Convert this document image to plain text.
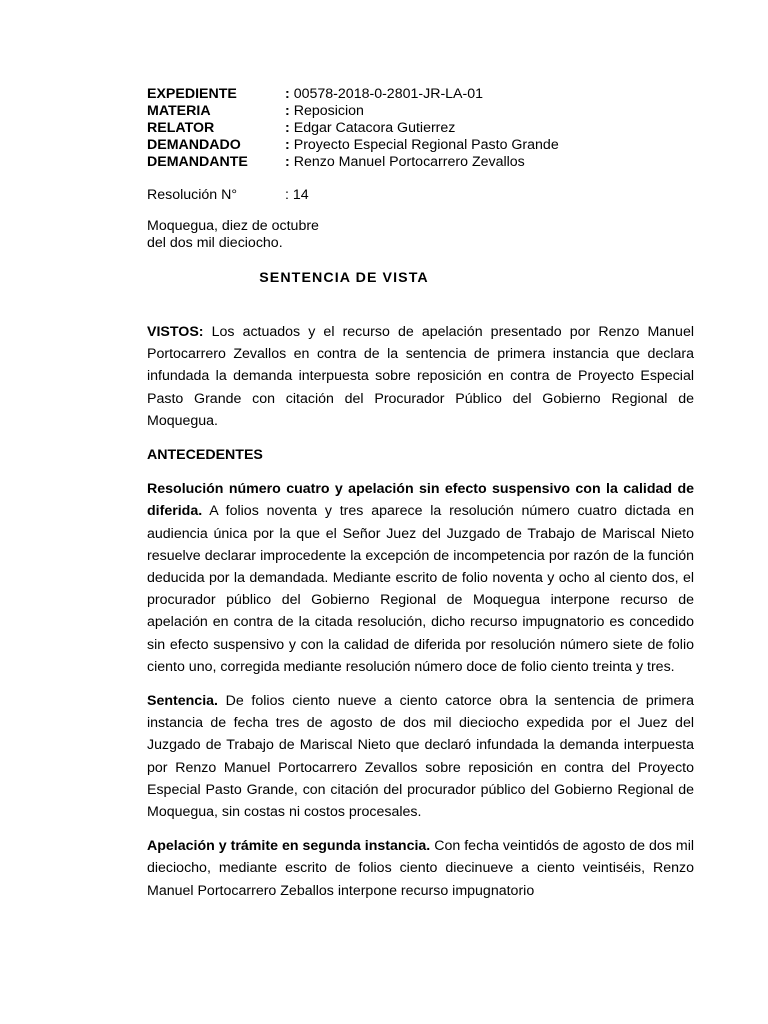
EXPEDIENTE	: 00578-2018-0-2801-JR-LA-01
MATERIA	: Reposicion
RELATOR	: Edgar Catacora Gutierrez
DEMANDADO	: Proyecto Especial Regional Pasto Grande
DEMANDANTE	: Renzo Manuel Portocarrero Zevallos
Resolución N°	: 14
Moquegua, diez de octubre
del dos mil dieciocho.
SENTENCIA DE VISTA

VISTOS: Los actuados y el recurso de apelación presentado por Renzo Manuel Portocarrero Zevallos en contra de la sentencia de primera instancia que declara infundada la demanda interpuesta sobre reposición en contra de Proyecto Especial Pasto Grande con citación del Procurador Público del Gobierno Regional de Moquegua.

ANTECEDENTES

Resolución número cuatro y apelación sin efecto suspensivo con la calidad de diferida. A folios noventa y tres aparece la resolución número cuatro dictada en audiencia única por la que el Señor Juez del Juzgado de Trabajo de Mariscal Nieto resuelve declarar improcedente la excepción de incompetencia por razón de la función deducida por la demandada. Mediante escrito de folio noventa y ocho al ciento dos, el procurador público del Gobierno Regional de Moquegua interpone recurso de apelación en contra de la citada resolución, dicho recurso impugnatorio es concedido sin efecto suspensivo y con la calidad de diferida por resolución número siete de folio ciento uno, corregida mediante resolución número doce de folio ciento treinta y tres.

Sentencia. De folios ciento nueve a ciento catorce obra la sentencia de primera instancia de fecha tres de agosto de dos mil dieciocho expedida por el Juez del Juzgado de Trabajo de Mariscal Nieto que declaró infundada la demanda interpuesta por Renzo Manuel Portocarrero Zevallos sobre reposición en contra del Proyecto Especial Pasto Grande, con citación del procurador público del Gobierno Regional de Moquegua, sin costas ni costos procesales.

Apelación y trámite en segunda instancia. Con fecha veintidós de agosto de dos mil dieciocho, mediante escrito de folios ciento diecinueve a ciento veintiséis, Renzo Manuel Portocarrero Zeballos interpone recurso impugnatorio
